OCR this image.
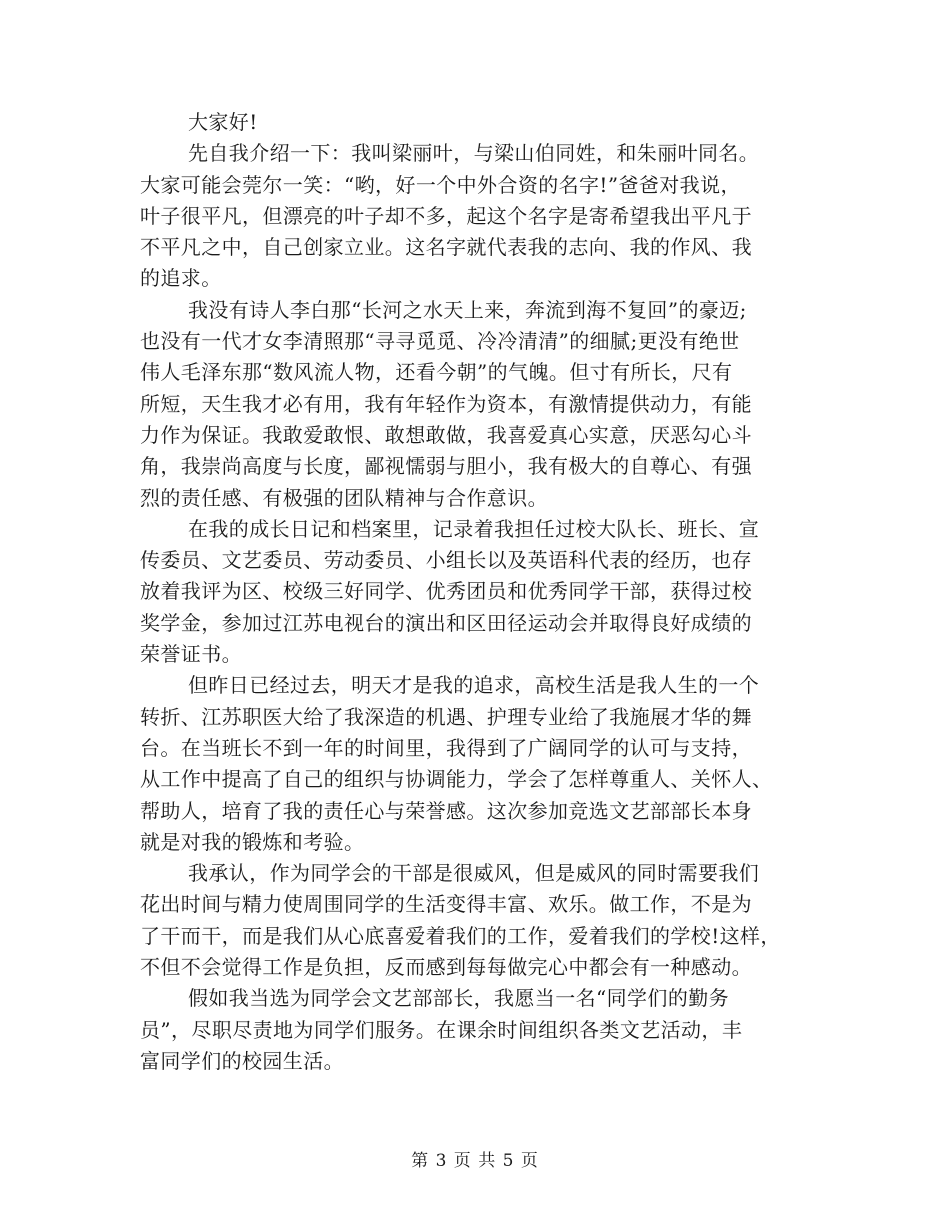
大家好!

先自我介绍一下：我叫梁丽叶，与梁山伯同姓，和朱丽叶同名。
大家可能会莞尔一笑：“哟，好一个中外合资的名字!”爸爸对我说，
叶子很平凡，但漂亮的叶子却不多，起这个名字是寄希望我出平凡于
不平凡之中，自己创家立业。这名字就代表我的志向、我的作风、我
的追求。

我没有诗人李白那“长河之水天上来，奔流到海不复回”的豪迈;
也没有一代才女李清照那“寻寻觅觅、冷冷清清”的细腻;更没有绝世
伟人毛泽东那“数风流人物，还看今朝”的气魄。但寸有所长，尺有
所短，天生我才必有用，我有年轻作为资本，有激情提供动力，有能
力作为保证。我敢爱敢恨、敢想敢做，我喜爱真心实意，厌恶勾心斗
角，我崇尚高度与长度，鄙视懦弱与胆小，我有极大的自尊心、有强
烈的责任感、有极强的团队精神与合作意识。

在我的成长日记和档案里，记录着我担任过校大队长、班长、宣
传委员、文艺委员、劳动委员、小组长以及英语科代表的经历，也存
放着我评为区、校级三好同学、优秀团员和优秀同学干部，获得过校
奖学金，参加过江苏电视台的演出和区田径运动会并取得良好成绩的
荣誉证书。

但昨日已经过去，明天才是我的追求，高校生活是我人生的一个
转折、江苏职医大给了我深造的机遇、护理专业给了我施展才华的舞
台。在当班长不到一年的时间里，我得到了广阔同学的认可与支持，
从工作中提高了自己的组织与协调能力，学会了怎样尊重人、关怀人、
帮助人，培育了我的责任心与荣誉感。这次参加竞选文艺部部长本身
就是对我的锻炼和考验。

我承认，作为同学会的干部是很威风，但是威风的同时需要我们
花出时间与精力使周围同学的生活变得丰富、欢乐。做工作，不是为
了干而干，而是我们从心底喜爱着我们的工作，爱着我们的学校!这样，
不但不会觉得工作是负担，反而感到每每做完心中都会有一种感动。

假如我当选为同学会文艺部部长，我愿当一名“同学们的勤务
员”，尽职尽责地为同学们服务。在课余时间组织各类文艺活动，丰
富同学们的校园生活。

第 3 页 共 5 页
